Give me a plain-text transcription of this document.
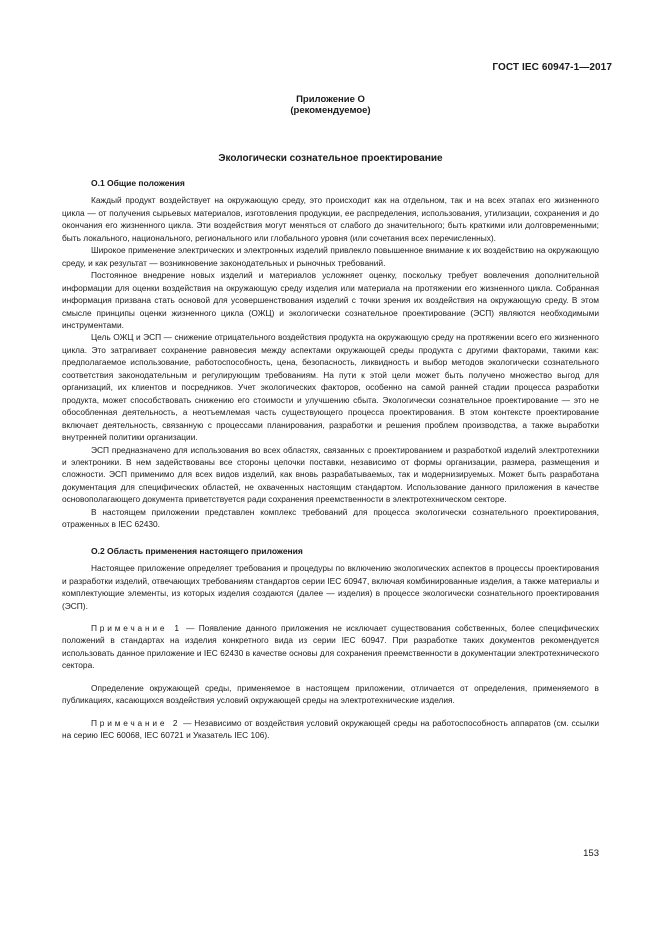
ГОСТ IEC 60947-1—2017
Приложение О
(рекомендуемое)
Экологически сознательное проектирование
О.1 Общие положения

Каждый продукт воздействует на окружающую среду, это происходит как на отдельном, так и на всех этапах его жизненного цикла — от получения сырьевых материалов, изготовления продукции, ее распределения, использования, утилизации, сохранения и до окончания его жизненного цикла. Эти воздействия могут меняться от слабого до значительного; быть краткими или долговременными; быть локального, национального, регионального или глобального уровня (или сочетания всех перечисленных).

Широкое применение электрических и электронных изделий привлекло повышенное внимание к их воздействию на окружающую среду, и как результат — возникновение законодательных и рыночных требований.

Постоянное внедрение новых изделий и материалов усложняет оценку, поскольку требует вовлечения дополнительной информации для оценки воздействия на окружающую среду изделия или материала на протяжении его жизненного цикла. Собранная информация призвана стать основой для усовершенствования изделий с точки зрения их воздействия на окружающую среду. В этом смысле принципы оценки жизненного цикла (ОЖЦ) и экологически сознательное проектирование (ЭСП) являются необходимыми инструментами.

Цель ОЖЦ и ЭСП — снижение отрицательного воздействия продукта на окружающую среду на протяжении всего его жизненного цикла. Это затрагивает сохранение равновесия между аспектами окружающей среды продукта с другими факторами, такими как: предполагаемое использование, работоспособность, цена, безопасность, ликвидность и выбор методов экологически сознательного соответствия законодательным и регулирующим требованиям. На пути к этой цели может быть получено множество выгод для организаций, их клиентов и посредников. Учет экологических факторов, особенно на самой ранней стадии процесса разработки продукта, может способствовать снижению его стоимости и улучшению сбыта. Экологически сознательное проектирование — это не обособленная деятельность, а неотъемлемая часть существующего процесса проектирования. В этом контексте проектирование включает деятельность, связанную с процессами планирования, разработки и решения проблем производства, а также выработки внутренней политики организации.

ЭСП предназначено для использования во всех областях, связанных с проектированием и разработкой изделий электротехники и электроники. В нем задействованы все стороны цепочки поставки, независимо от формы организации, размера, размещения и сложности. ЭСП применимо для всех видов изделий, как вновь разрабатываемых, так и модернизируемых. Может быть разработана документация для специфических областей, не охваченных настоящим стандартом. Использование данного приложения в качестве основополагающего документа приветствуется ради сохранения преемственности в электротехническом секторе.

В настоящем приложении представлен комплекс требований для процесса экологически сознательного проектирования, отраженных в IEC 62430.

О.2 Область применения настоящего приложения

Настоящее приложение определяет требования и процедуры по включению экологических аспектов в процессы проектирования и разработки изделий, отвечающих требованиям стандартов серии IEC 60947, включая комбинированные изделия, а также материалы и комплектующие элементы, из которых изделия создаются (далее — изделия) в процессе экологически сознательного проектирования (ЭСП).

Примечание 1 — Появление данного приложения не исключает существования собственных, более специфических положений в стандартах на изделия конкретного вида из серии IEC 60947. При разработке таких документов рекомендуется использовать данное приложение и IEC 62430 в качестве основы для сохранения преемственности в документации электротехнического сектора.

Определение окружающей среды, применяемое в настоящем приложении, отличается от определения, применяемого в публикациях, касающихся воздействия условий окружающей среды на электротехнические изделия.

Примечание 2 — Независимо от воздействия условий окружающей среды на работоспособность аппаратов (см. ссылки на серию IEC 60068, IEC 60721 и Указатель IEC 106).

153
